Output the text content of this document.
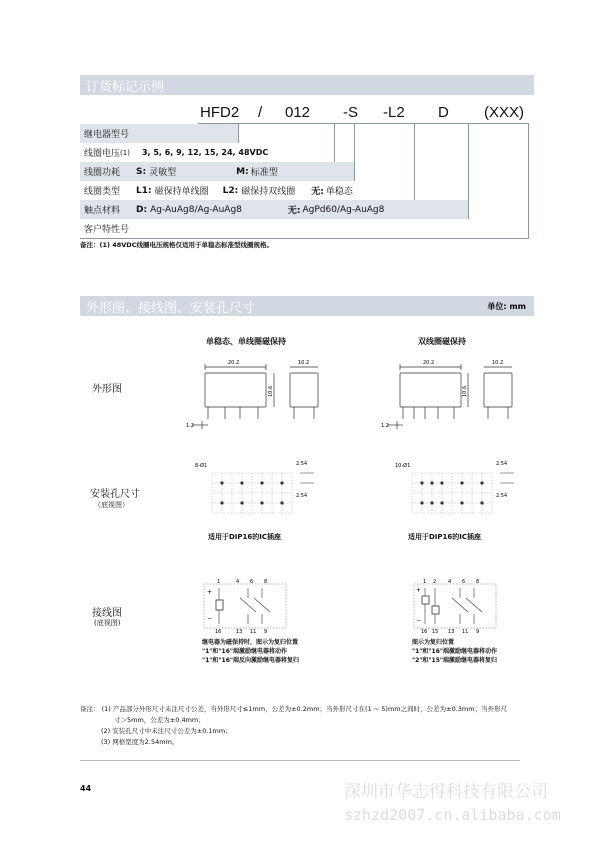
订货标记示例
HFD2 / 012 -S -L2 D (XXX)
继电器型号
线圈电压 (1) 3, 5, 6, 9, 12, 15, 24, 48VDC
线圈功耗 S: 灵敏型	M: 标准型
线圈类型 L1: 磁保持单线圈 L2: 磁保持双线圈 无: 单稳态
触点材料 D: Ag-AuAg8/Ag-AuAg8	无: AgPd60/Ag-AuAg8
客户特性号
备注：(1) 48VDC线圈电压规格仅适用于单稳态标准型线圈规格。
外形图、接线图、安装孔尺寸	单位: mm
单稳态、单线圈磁保持	双线圈磁保持
外形图
安装孔尺寸
（底视图）
接线图
(底视图)
20.2	10.2
10.6
1.2
20.2	10.2
10.6
1.2
8-Ø1	2.54
2.54
适用于DIP16的IC插座
10-Ø1	2.54
2.54
适用于DIP16的IC插座
+
−
1	4 6 8
16	13 11 9
继电器为磁保持时，图示为复归位置
"1"和"16"端激励继电器将动作
"1"和"16"端反向激励继电器将复归
+
−
1 2 4 6 8
16 15 13 11 9
图示为复归位置
"1"和"16"端激励继电器将动作
"2"和"15"端激励继电器将复归
备注： (1) 产品部分外形尺寸未注尺寸公差，当外形尺寸≤1mm，公差为±0.2mm；当外形尺寸在(1 ~ 5)mm之间时，公差为±0.3mm；当外形尺
寸＞5mm，公差为±0.4mm；
(2) 安装孔尺寸中未注尺寸公差为±0.1mm；
(3) 网格宽度为2.54mm。
44	深圳市华志得科技有限公司
szhzd2007.cn.alibaba.com
